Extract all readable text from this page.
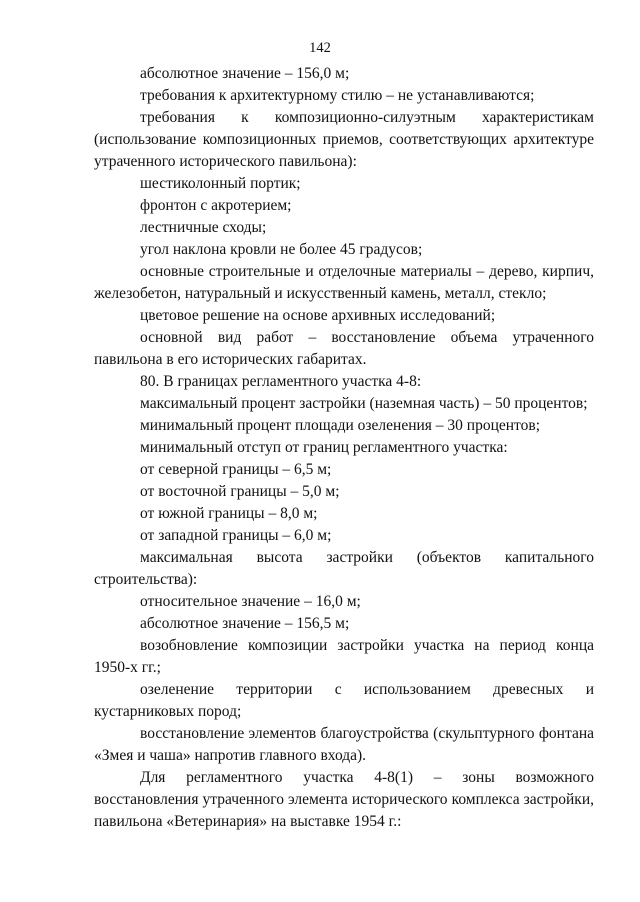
142

абсолютное значение – 156,0 м;

требования к архитектурному стилю – не устанавливаются;

требования к композиционно-силуэтным характеристикам (использование композиционных приемов, соответствующих архитектуре утраченного исторического павильона):

шестиколонный портик;

фронтон с акротерием;

лестничные сходы;

угол наклона кровли не более 45 градусов;

основные строительные и отделочные материалы – дерево, кирпич, железобетон, натуральный и искусственный камень, металл, стекло;

цветовое решение на основе архивных исследований;

основной вид работ – восстановление объема утраченного павильона в его исторических габаритах.

80. В границах регламентного участка 4-8:

максимальный процент застройки (наземная часть) – 50 процентов;

минимальный процент площади озеленения – 30 процентов;

минимальный отступ от границ регламентного участка:

от северной границы – 6,5 м;

от восточной границы – 5,0 м;

от южной границы – 8,0 м;

от западной границы – 6,0 м;

максимальная высота застройки (объектов капитального строительства):

относительное значение – 16,0 м;

абсолютное значение – 156,5 м;

возобновление композиции застройки участка на период конца 1950-х гг.;

озеленение территории с использованием древесных и кустарниковых пород;

восстановление элементов благоустройства (скульптурного фонтана «Змея и чаша» напротив главного входа).

Для регламентного участка 4-8(1) – зоны возможного восстановления утраченного элемента исторического комплекса застройки, павильона «Ветеринария» на выставке 1954 г.:
